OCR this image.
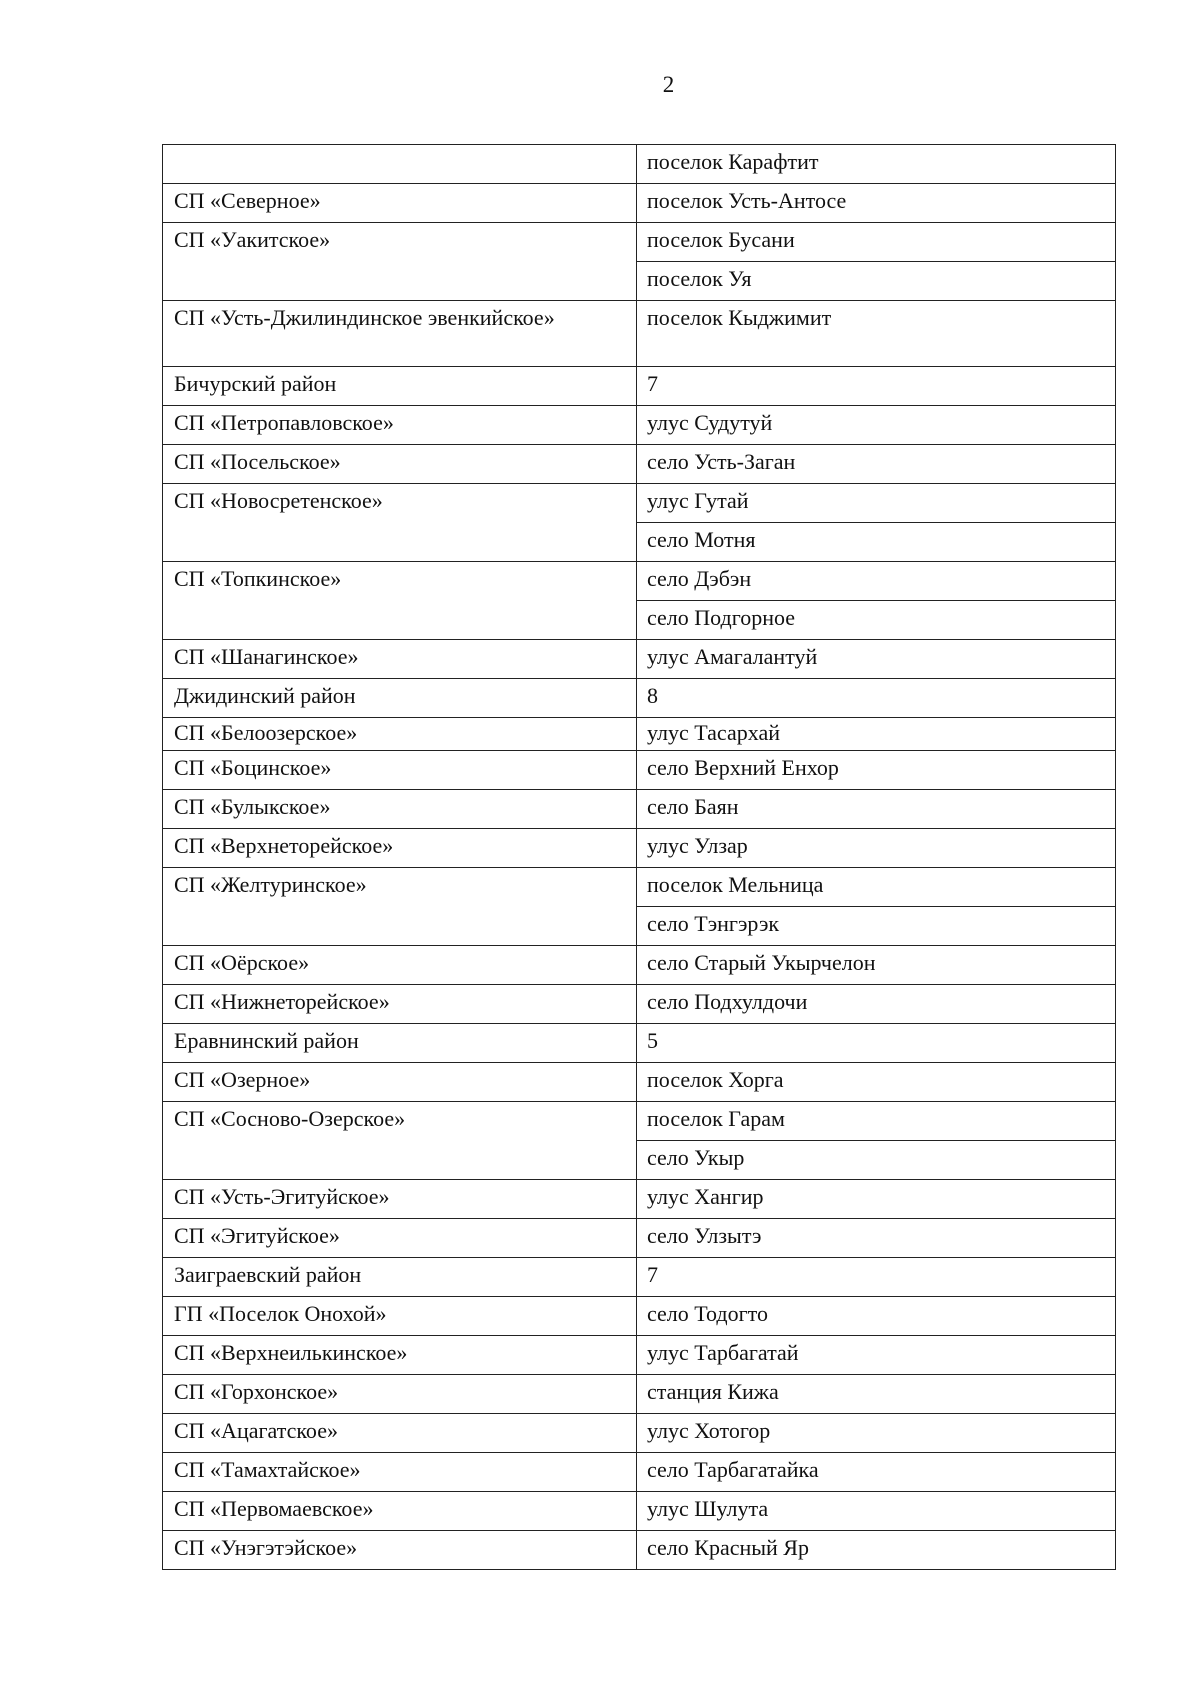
2
	поселок Карафтит
СП «Северное»	поселок Усть-Антосе
СП «Уакитское»	поселок Бусани
	поселок Уя
СП «Усть-Джилиндинское эвенкийское»	поселок Кыджимит
Бичурский район	7
СП «Петропавловское»	улус Судутуй
СП «Посельское»	село Усть-Заган
СП «Новосретенское»	улус Гутай
	село Мотня
СП «Топкинское»	село Дэбэн
	село Подгорное
СП «Шанагинское»	улус Амагалантуй
Джидинский район	8
СП «Белоозерское»	улус Тасархай
СП «Боцинское»	село Верхний Енхор
СП «Булыкское»	село Баян
СП «Верхнеторейское»	улус Улзар
СП «Желтуринское»	поселок Мельница
	село Тэнгэрэк
СП «Оёрское»	село Старый Укырчелон
СП «Нижнеторейское»	село Подхулдочи
Еравнинский район	5
СП «Озерное»	поселок Хорга
СП «Сосново-Озерское»	поселок Гарам
	село Укыр
СП «Усть-Эгитуйское»	улус Хангир
СП «Эгитуйское»	село Улзытэ
Заиграевский район	7
ГП «Поселок Онохой»	село Тодогто
СП «Верхнеилькинское»	улус Тарбагатай
СП «Горхонское»	станция Кижа
СП «Ацагатское»	улус Хотогор
СП «Тамахтайское»	село Тарбагатайка
СП «Первомаевское»	улус Шулута
СП «Унэгэтэйское»	село Красный Яр
